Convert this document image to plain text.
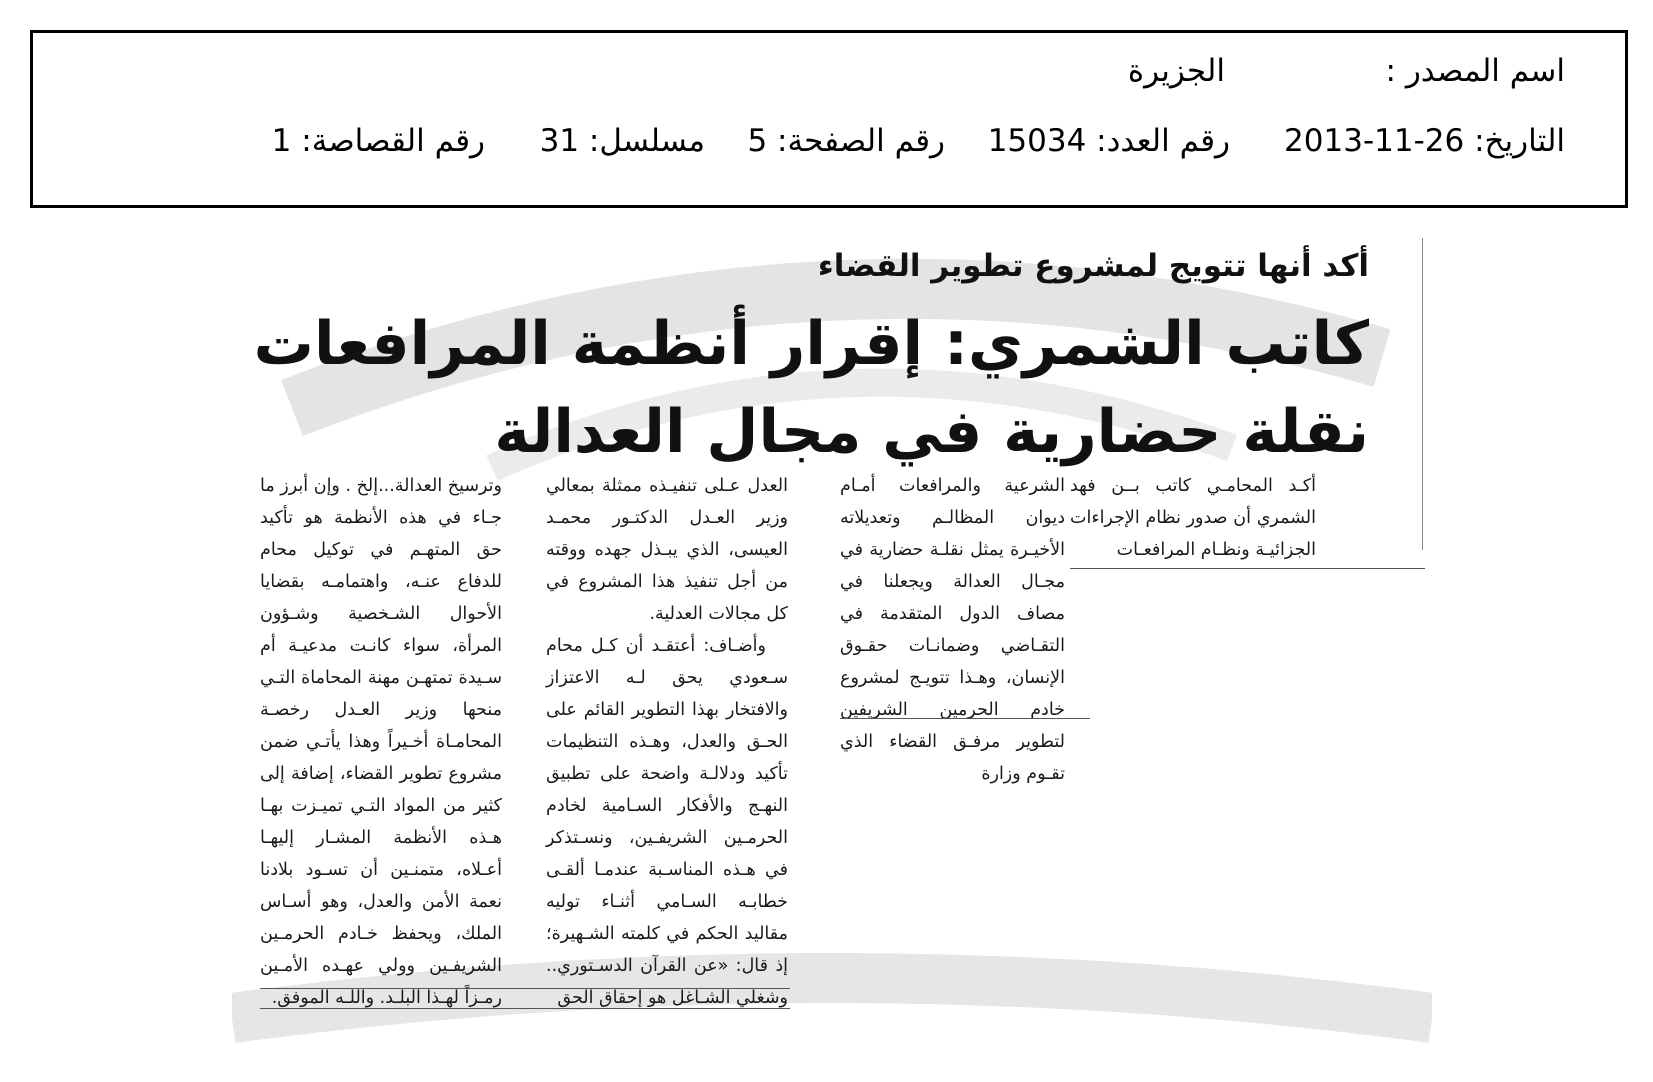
اسم المصدر :
الجزيرة
التاريخ: 26-11-2013
رقم العدد: 15034
رقم الصفحة: 5
مسلسل: 31
رقم القصاصة: 1
أكد أنها تتويج لمشروع تطوير القضاء
كاتب الشمري: إقرار أنظمة المرافعات نقلة حضارية في مجال العدالة

أكـد المحامـي كاتب بــن فهد الشمري أن صدور نظام الإجراءات الجزائيـة ونظـام المرافعـات

الشرعية والمرافعات أمـام ديوان المظالـم وتعديلاته الأخيـرة يمثل نقلـة حضارية في مجـال العدالة ويجعلنا في مصاف الدول المتقدمة في التقـاضي وضمانـات حقـوق الإنسان، وهـذا تتويـج لمشروع خادم الحرمين الشريفين لتطوير مرفـق القضاء الذي تقـوم وزارة

العدل عـلى تنفيـذه ممثلة بمعالي وزير العـدل الدكتـور محمـد العيسى، الذي يبـذل جهده ووقته من أجل تنفيذ هذا المشروع في كل مجالات العدلية.

وأضـاف: أعتقـد أن كـل محام سـعودي يحق لـه الاعتزاز والافتخار بهذا التطوير القائم على الحـق والعدل، وهـذه التنظيمات تأكيد ودلالـة واضحة على تطبيق النهـج والأفكار السـامية لخادم الحرمـين الشريفـين، ونسـتذكر في هـذه المناسـبة عندمـا ألقـى خطابـه السـامي أثنـاء توليه مقاليد الحكم في كلمته الشـهيرة؛ إذ قال: «عن القرآن الدسـتوري.. وشغلي الشـاغل هو إحقاق الحق

وترسيخ العدالة...إلخ . وإن أبرز ما جـاء في هذه الأنظمة هو تأكيد حق المتهـم في توكيل محام للدفاع عنـه، واهتمامـه بقضايا الأحوال الشـخصية وشـؤون المرأة، سواء كانـت مدعيـة أم سـيدة تمتهـن مهنة المحاماة التـي منحها وزير العـدل رخصـة المحامـاة أخـيراً وهذا يأتـي ضمن مشروع تطوير القضاء، إضافة إلى كثير من المواد التـي تميـزت بهـا هـذه الأنظمة المشـار إليهـا أعـلاه، متمنـين أن تسـود بلادنا نعمة الأمن والعدل، وهو أسـاس الملك، ويحفظ خـادم الحرمـين الشريفـين وولي عهـده الأمـين رمـزاً لهـذا البلـد. واللـه الموفق.
